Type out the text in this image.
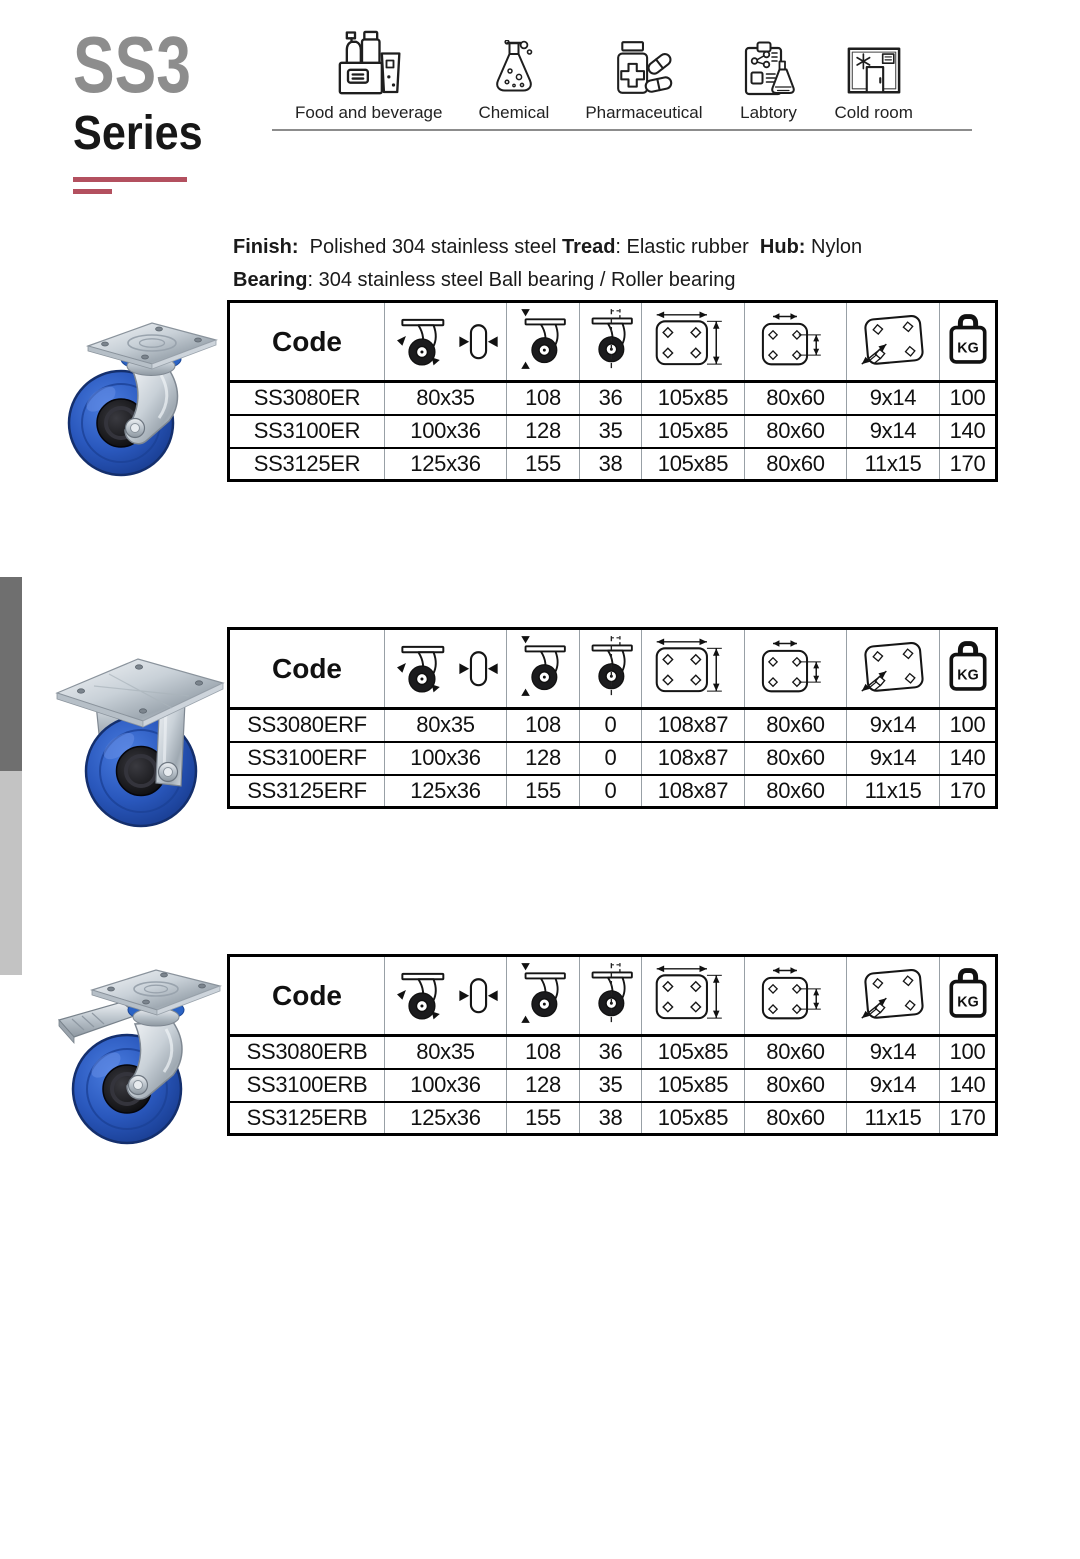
SS3
Series	Food and beverage Chemical Pharmaceutical Labtory Cold room

Finish:  Polished 304 stainless steel Tread: Elastic rubber  Hub: Nylon
Bearing: 304 stainless steel Ball bearing / Roller bearing

Code							KG

SS3080ER	80x35	108	36	105x85	80x60	9x14	100
SS3100ER	100x36	128	35	105x85	80x60	9x14	140
SS3125ER	125x36	155	38	105x85	80x60	11x15	170
Code							KG

SS3080ERF	80x35	108	0	108x87	80x60	9x14	100
SS3100ERF	100x36	128	0	108x87	80x60	9x14	140
SS3125ERF	125x36	155	0	108x87	80x60	11x15	170
Code							KG

SS3080ERB	80x35	108	36	105x85	80x60	9x14	100
SS3100ERB	100x36	128	35	105x85	80x60	9x14	140
SS3125ERB	125x36	155	38	105x85	80x60	11x15	170
